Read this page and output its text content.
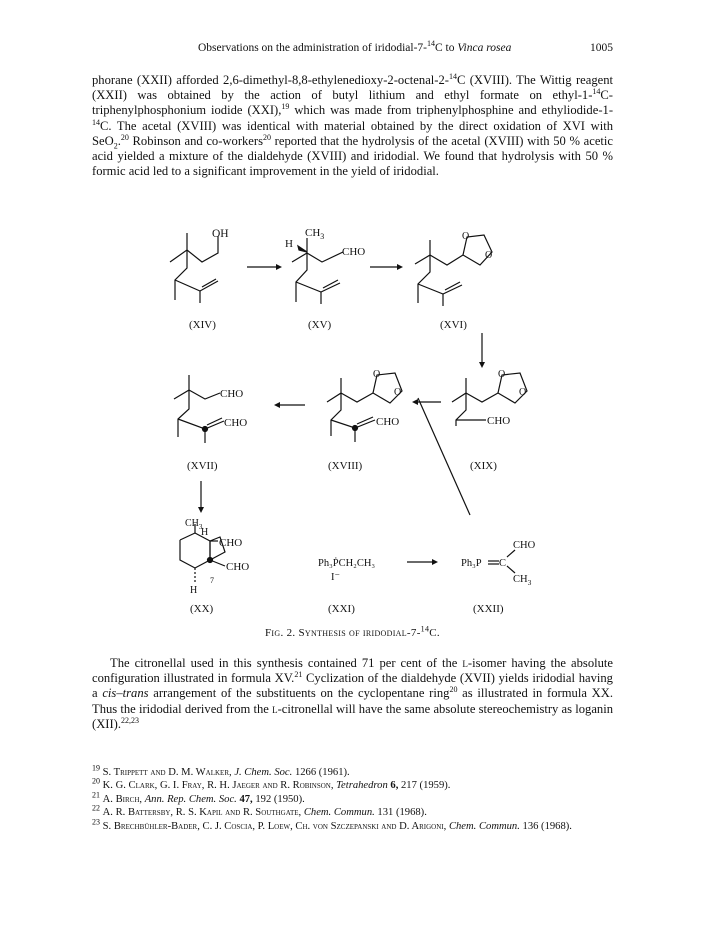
Observations on the administration of iridodial-7-$^{14}$C to Vinca rosea	1005
phorane (XXII) afforded 2,6-dimethyl-8,8-ethylenedioxy-2-octenal-2-$^{14}$C (XVIII). The Wittig reagent (XXII) was obtained by the action of butyl lithium and ethyl formate on ethyl-1-$^{14}$C-triphenylphosphonium iodide (XXI),$^{19}$ which was made from triphenylphosphine and ethyliodide-1-$^{14}$C. The acetal (XVIII) was identical with material obtained by the direct oxidation of XVI with SeO$_2$.$^{20}$ Robinson and co-workers$^{20}$ reported that the hydrolysis of the acetal (XVIII) with 50 % acetic acid yielded a mixture of the dialdehyde (XVIII) and iridodial. We found that hydrolysis with 50 % formic acid led to a significant improvement in the yield of iridodial.
OH
H
$CH_3$
CHO
O
O
(XIV)	(XV)	(XVI)
O
O
CHO
O
O
CHO
CHO
CHO
(XVII)	(XVIII)	(XIX)
$CH_3$
H
CHO
CHO
H
7
Ph₃ṖCH₂CH₃
I⁻
Ph₃P C
CHO
$CH_3$
(XX)	(XXI)	(XXII)
Fig. 2. Synthesis of iridodial-7-$^{14}$C.
The citronellal used in this synthesis contained 71 per cent of the l-isomer having the absolute configuration illustrated in formula XV.$^{21}$ Cyclization of the dialdehyde (XVII) yields iridodial having a cis–trans arrangement of the substituents on the cyclopentane ring$^{20}$ as illustrated in formula XX. Thus the iridodial derived from the l-citronellal will have the same absolute stereochemistry as loganin (XII).$^{22,23}$
$^{19}$ S. Trippett and D. M. Walker, J. Chem. Soc. 1266 (1961).
$^{20}$ K. G. Clark, G. I. Fray, R. H. Jaeger and R. Robinson, Tetrahedron 6, 217 (1959).
$^{21}$ A. Birch, Ann. Rep. Chem. Soc. 47, 192 (1950).
$^{22}$ A. R. Battersby, R. S. Kapil and R. Southgate, Chem. Commun. 131 (1968).
$^{23}$ S. Brechbühler-Bader, C. J. Coscia, P. Loew, Ch. von Szczepanski and D. Arigoni, Chem. Commun. 136 (1968).
